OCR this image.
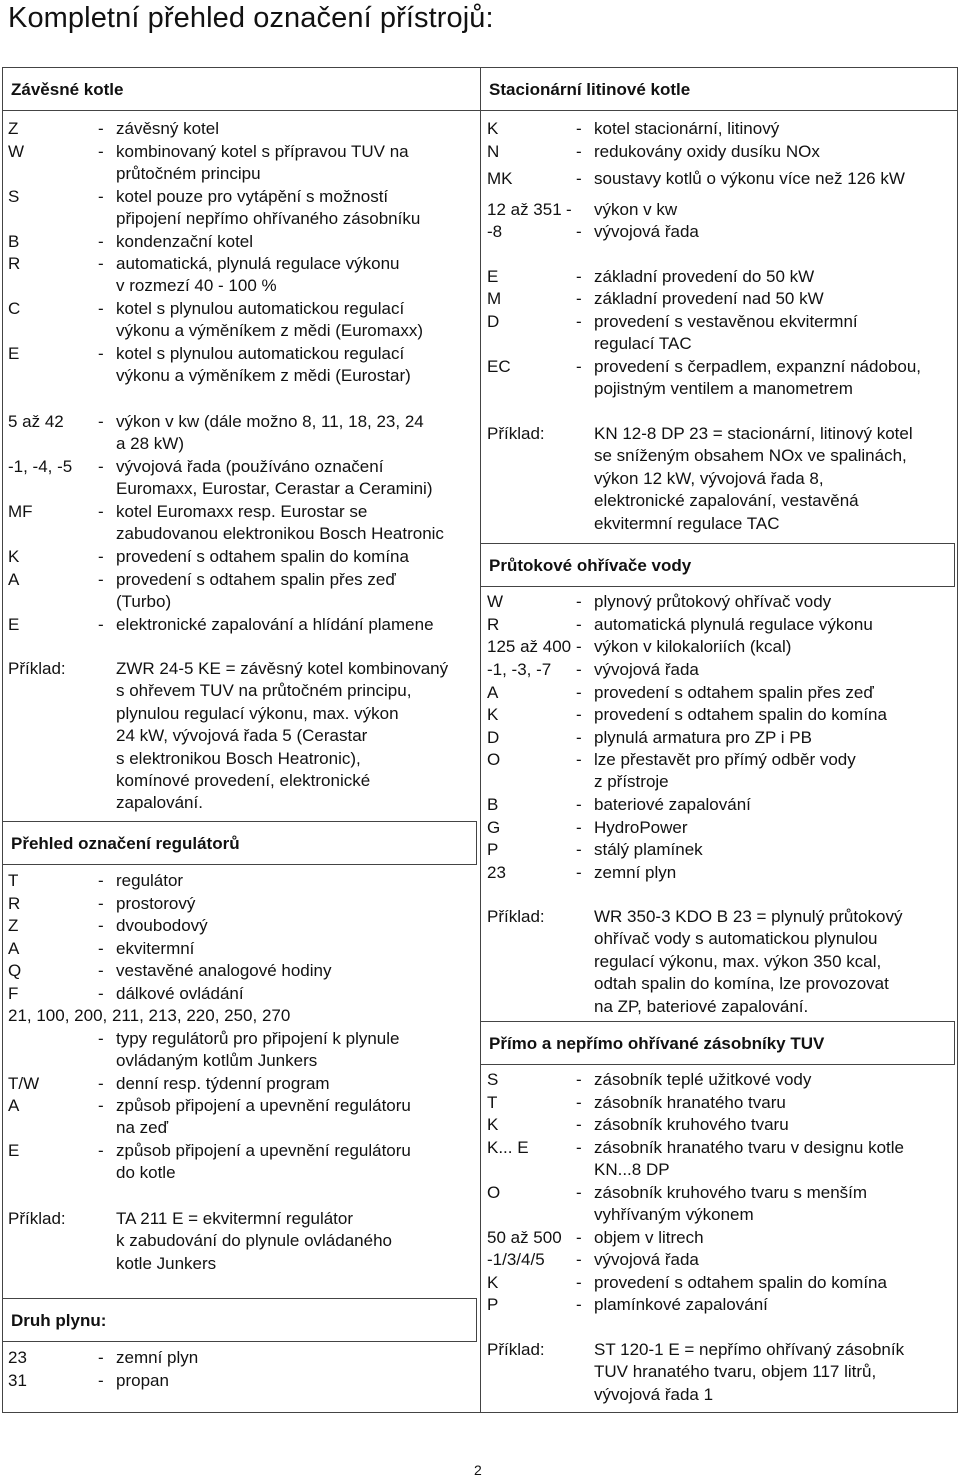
Kompletní přehled označení přístrojů:
Závěsné kotle	Stacionární litinové kotle
Přehled označení regulátorů
Druh plynu:
Průtokové ohřívače vody
Přímo a nepřímo ohřívané zásobníky TUV
Z	- závěsný kotel
W	- kombinovaný kotel s přípravou TUV na
průtočném principu
S	- kotel pouze pro vytápění s možností
připojení nepřímo ohřívaného zásobníku
B	- kondenzační kotel
R	- automatická, plynulá regulace výkonu
v rozmezí 40 - 100 %
C	- kotel s plynulou automatickou regulací
výkonu a výměníkem z mědi (Euromaxx)
E	- kotel s plynulou automatickou regulací
výkonu a výměníkem z mědi (Eurostar)
5 až 42 - výkon v kw (dále možno 8, 11, 18, 23, 24
a 28 kW)
-1, -4, -5 - vývojová řada (používáno označení
Euromaxx, Eurostar, Cerastar a Ceramini)
MF	- kotel Euromaxx resp. Eurostar se
zabudovanou elektronikou Bosch Heatronic
K	- provedení s odtahem spalin do komína
A	- provedení s odtahem spalin přes zeď
(Turbo)
E	- elektronické zapalování a hlídání plamene
Příklad:	ZWR 24-5 KE = závěsný kotel kombinovaný
s ohřevem TUV na průtočném principu,
plynulou regulací výkonu, max. výkon
24 kW, vývojová řada 5 (Cerastar
s elektronikou Bosch Heatronic),
komínové provedení, elektronické
zapalování.
T	- regulátor
R	- prostorový
Z	- dvoubodový
A	- ekvitermní
Q	- vestavěné analogové hodiny
F	- dálkové ovládání
21, 100, 200, 211, 213, 220, 250, 270
- typy regulátorů pro připojení k plynule
ovládaným kotlům Junkers
T/W	- denní resp. týdenní program
A	- způsob připojení a upevnění regulátoru
na zeď
E	- způsob připojení a upevnění regulátoru
do kotle
Příklad:	TA 211 E = ekvitermní regulátor
k zabudování do plynule ovládaného
kotle Junkers
23	- zemní plyn
31	- propan
K	- kotel stacionární, litinový
N	- redukovány oxidy dusíku NOx
MK	- soustavy kotlů o výkonu více než 126 kW
12 až 351 - výkon v kw
-8	- vývojová řada
E	- základní provedení do 50 kW
M	- základní provedení nad 50 kW
D	- provedení s vestavěnou ekvitermní
regulací TAC
EC	- provedení s čerpadlem, expanzní nádobou,
pojistným ventilem a manometrem
Příklad:	KN 12-8 DP 23 = stacionární, litinový kotel
se sníženým obsahem NOx ve spalinách,
výkon 12 kW, vývojová řada 8,
elektronické zapalování, vestavěná
ekvitermní regulace TAC
W	- plynový průtokový ohřívač vody
R	- automatická plynulá regulace výkonu
125 až 400 - výkon v kilokaloriích (kcal)
-1, -3, -7 - vývojová řada
A	- provedení s odtahem spalin přes zeď
K	- provedení s odtahem spalin do komína
D	- plynulá armatura pro ZP i PB
O	- lze přestavět pro přímý odběr vody
z přístroje
B	- bateriové zapalování
G	- HydroPower
P	- stálý plamínek
23	- zemní plyn
Příklad:	WR 350-3 KDO B 23 = plynulý průtokový
ohřívač vody s automatickou plynulou
regulací výkonu, max. výkon 350 kcal,
odtah spalin do komína, lze provozovat
na ZP, bateriové zapalování.
S	- zásobník teplé užitkové vody
T	- zásobník hranatého tvaru
K	- zásobník kruhového tvaru
K... E	- zásobník hranatého tvaru v designu kotle
KN...8 DP
O	- zásobník kruhového tvaru s menším
vyhřívaným výkonem
50 až 500 - objem v litrech
-1/3/4/5 - vývojová řada
K	- provedení s odtahem spalin do komína
P	- plamínkové zapalování
Příklad:	ST 120-1 E = nepřímo ohřívaný zásobník
TUV hranatého tvaru, objem 117 litrů,
vývojová řada 1
2
